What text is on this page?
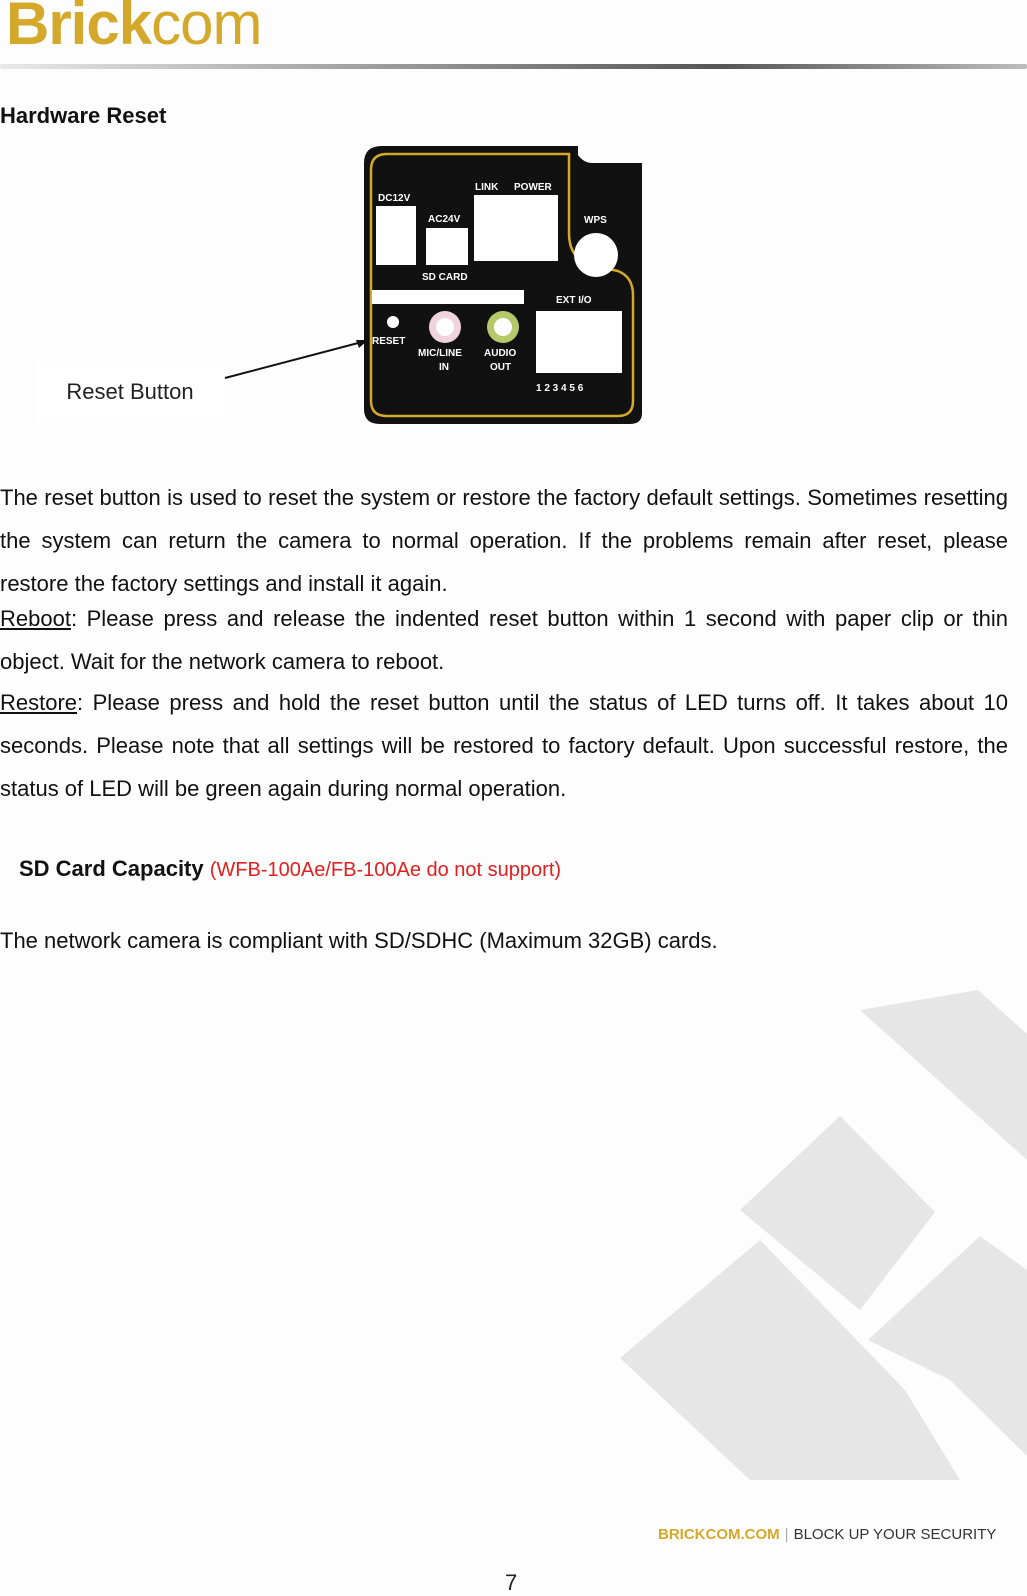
Brickcom
Hardware Reset
DC12V
AC24V
LINK POWER
WPS
SD CARD
EXT I/O
1 2 3 4 5 6
RESET
MIC/LINE
IN
AUDIO
OUT
Reset Button

The reset button is used to reset the system or restore the factory default settings. Sometimes resetting the system can return the camera to normal operation. If the problems remain after reset, please restore the factory settings and install it again.

Reboot: Please press and release the indented reset button within 1 second with paper clip or thin object. Wait for the network camera to reboot.

Restore: Please press and hold the reset button until the status of LED turns off. It takes about 10 seconds. Please note that all settings will be restored to factory default. Upon successful restore, the status of LED will be green again during normal operation.

SD Card Capacity (WFB-100Ae/FB-100Ae do not support)

The network camera is compliant with SD/SDHC (Maximum 32GB) cards.

BRICKCOM.COM | BLOCK UP YOUR SECURITY
7
